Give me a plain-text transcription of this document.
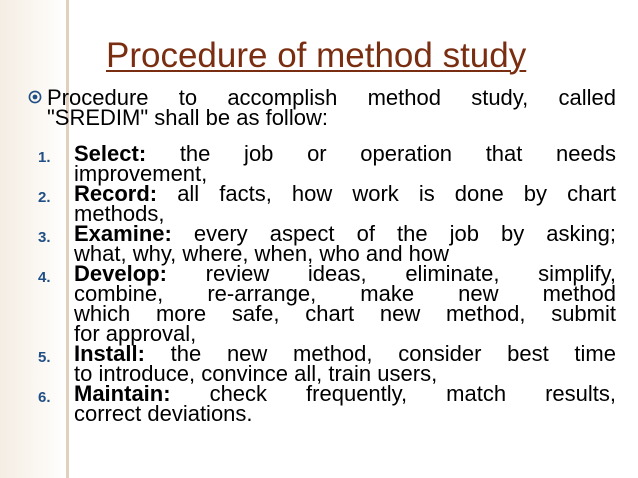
Procedure of method study
Procedure to accomplish method study, called
"SREDIM" shall be as follow:
1. Select: the job or operation that needs
improvement,
2. Record: all facts, how work is done by chart
methods,
3. Examine: every aspect of the job by asking;
what, why, where, when, who and how
4. Develop: review ideas, eliminate, simplify,
combine, re-arrange, make new method
which more safe, chart new method, submit
for approval,
5. Install: the new method, consider best time
to introduce, convince all, train users,
6. Maintain: check frequently, match results,
correct deviations.
